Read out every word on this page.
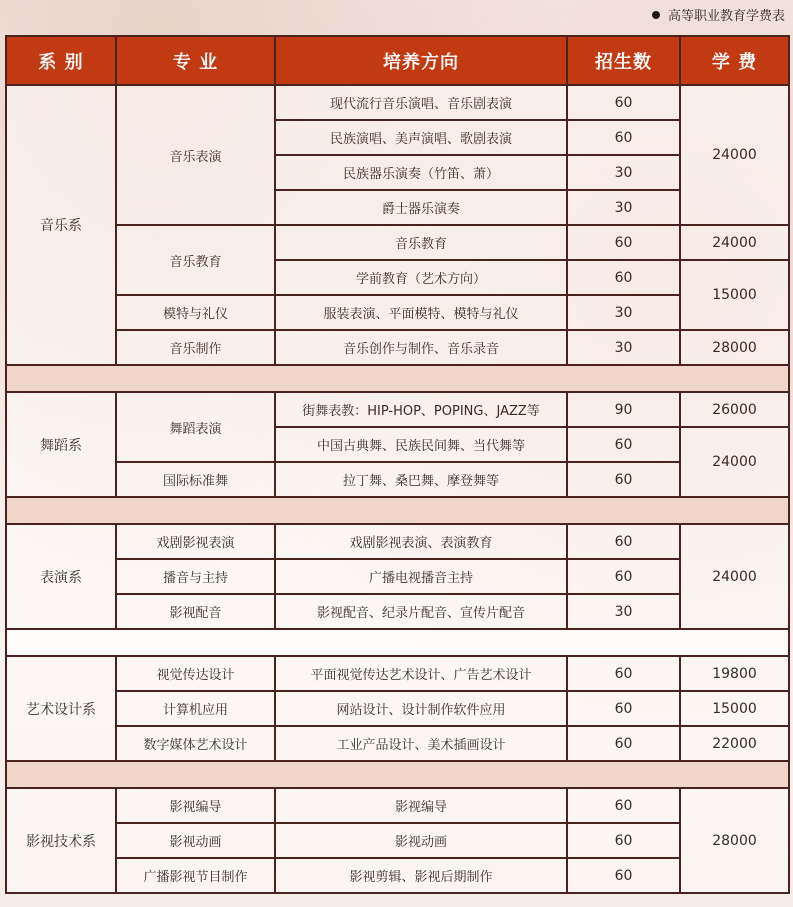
高等职业教育学费表
系 别	专 业	培养方向	招生数	学 费
音乐系	音乐表演	现代流行音乐演唱、音乐剧表演	60	24000
		民族演唱、美声演唱、歌剧表演	60	
		民族器乐演奏（竹笛、萧）	30	
		爵士器乐演奏	30	
	音乐教育	音乐教育	60	24000
		学前教育（艺术方向）	60	15000
	模特与礼仪	服装表演、平面模特、模特与礼仪	30	
	音乐制作	音乐创作与制作、音乐录音	30	28000

舞蹈系	舞蹈表演	街舞表教：HIP-HOP、POPING、JAZZ等	90	26000
		中国古典舞、民族民间舞、当代舞等	60	24000
	国际标准舞	拉丁舞、桑巴舞、摩登舞等	60	

表演系	戏剧影视表演	戏剧影视表演、表演教育	60	24000
	播音与主持	广播电视播音主持	60	
	影视配音	影视配音、纪录片配音、宣传片配音	30	

艺术设计系	视觉传达设计	平面视觉传达艺术设计、广告艺术设计	60	19800
	计算机应用	网站设计、设计制作软件应用	60	15000
	数字媒体艺术设计	工业产品设计、美术插画设计	60	22000

影视技术系	影视编导	影视编导	60	28000
	影视动画	影视动画	60	
	广播影视节目制作	影视剪辑、影视后期制作	60	
